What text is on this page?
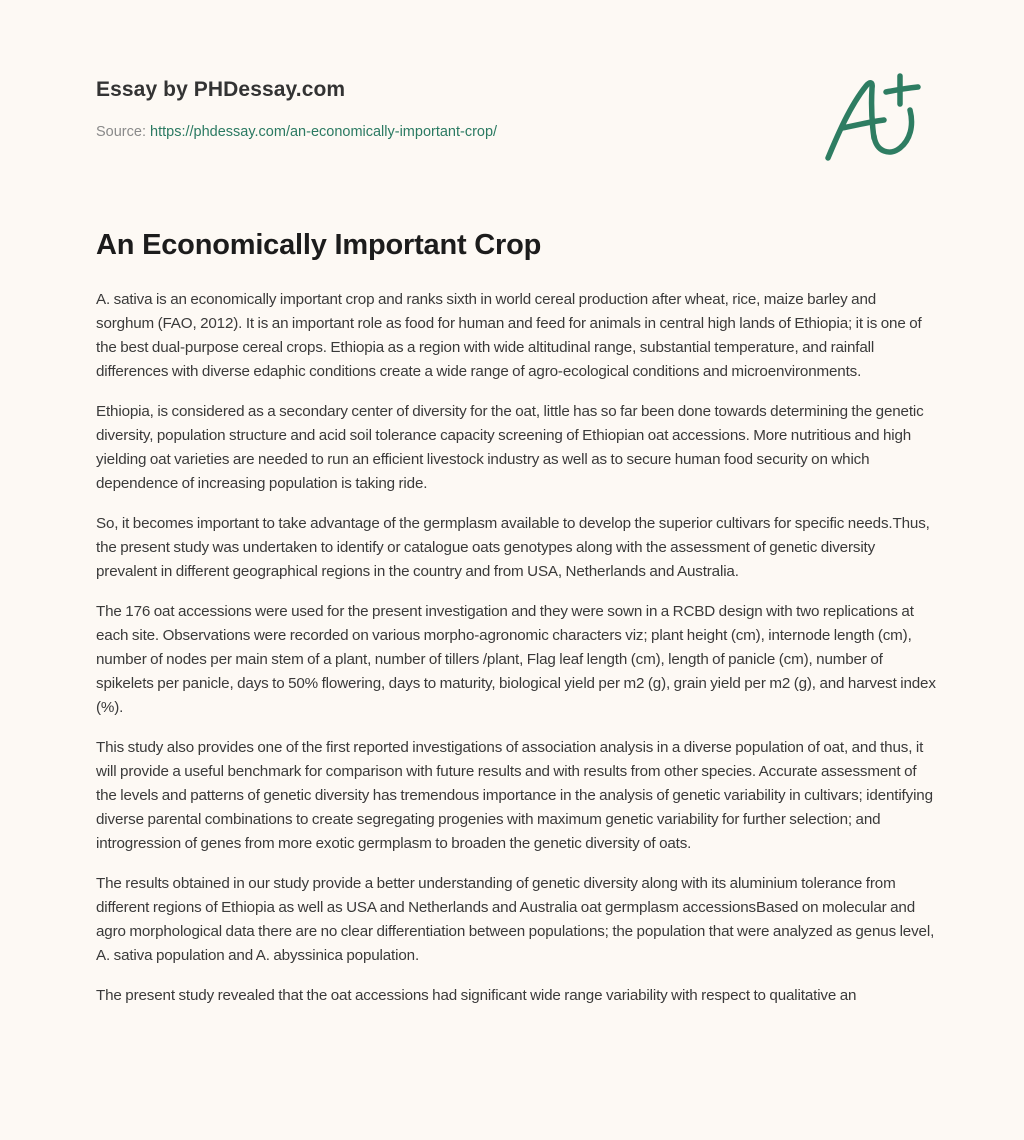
Essay by PHDessay.com
Source: https://phdessay.com/an-economically-important-crop/
An Economically Important Crop

A. sativa is an economically important crop and ranks sixth in world cereal production after wheat, rice, maize barley and sorghum (FAO, 2012). It is an important role as food for human and feed for animals in central high lands of Ethiopia; it is one of the best dual-purpose cereal crops. Ethiopia as a region with wide altitudinal range, substantial temperature, and rainfall differences with diverse edaphic conditions create a wide range of agro-ecological conditions and microenvironments.

Ethiopia, is considered as a secondary center of diversity for the oat, little has so far been done towards determining the genetic diversity, population structure and acid soil tolerance capacity screening of Ethiopian oat accessions. More nutritious and high yielding oat varieties are needed to run an efficient livestock industry as well as to secure human food security on which dependence of increasing population is taking ride.

So, it becomes important to take advantage of the germplasm available to develop the superior cultivars for specific needs.Thus, the present study was undertaken to identify or catalogue oats genotypes along with the assessment of genetic diversity prevalent in different geographical regions in the country and from USA, Netherlands and Australia.

The 176 oat accessions were used for the present investigation and they were sown in a RCBD design with two replications at each site. Observations were recorded on various morpho-agronomic characters viz; plant height (cm), internode length (cm), number of nodes per main stem of a plant, number of tillers /plant, Flag leaf length (cm), length of panicle (cm), number of spikelets per panicle, days to 50% flowering, days to maturity, biological yield per m2 (g), grain yield per m2 (g), and harvest index (%).

This study also provides one of the first reported investigations of association analysis in a diverse population of oat, and thus, it will provide a useful benchmark for comparison with future results and with results from other species. Accurate assessment of the levels and patterns of genetic diversity has tremendous importance in the analysis of genetic variability in cultivars; identifying diverse parental combinations to create segregating progenies with maximum genetic variability for further selection; and introgression of genes from more exotic germplasm to broaden the genetic diversity of oats.

The results obtained in our study provide a better understanding of genetic diversity along with its aluminium tolerance from different regions of Ethiopia as well as USA and Netherlands and Australia oat germplasm accessionsBased on molecular and agro morphological data there are no clear differentiation between populations; the population that were analyzed as genus level, A. sativa population and A. abyssinica population.

The present study revealed that the oat accessions had significant wide range variability with respect to qualitative an
